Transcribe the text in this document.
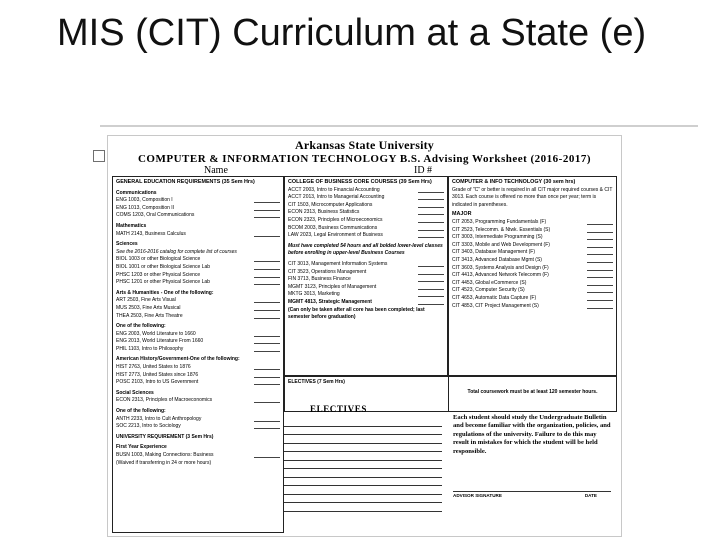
MIS (CIT) Curriculum at a State (e)
Arkansas State University
COMPUTER & INFORMATION TECHNOLOGY B.S. Advising Worksheet (2016-2017)
Name	ID #
GENERAL EDUCATION REQUIREMENTS (35 Sem Hrs)
Communications
ENG 1003, Composition I
ENG 1013, Composition II
COMS 1203, Oral Communications
Mathematics
MATH 2143, Business Calculus
Sciences
See the 2016-2016 catalog for complete list of courses
BIOL 1003 or other Biological Science
BIOL 1001 or other Biological Science Lab
PHSC 1203 or other Physical Science
PHSC 1201 or other Physical Science Lab
Arts & Humanities - One of the following:
ART 2503, Fine Arts Visual
MUS 2503, Fine Arts Musical
THEA 2503, Fine Arts Theatre
One of the following:
ENG 2003, World Literature to 1660
ENG 2013, World Literature From 1660
PHIL 1103, Intro to Philosophy
American History/Government-One of the following:
HIST 2763, United States to 1876
HIST 2773, United States since 1876
POSC 2103, Intro to US Government
Social Sciences
ECON 2313, Principles of Macroeconomics
One of the following:
ANTH 2233, Intro to Cult Anthropology
SOC 2213, Intro to Sociology
UNIVERSITY REQUIREMENT (3 Sem Hrs)
First Year Experience
BUSN 1003, Making Connections: Business
(Waived if transferring in 24 or more hours)
COLLEGE OF BUSINESS CORE COURSES (39 Sem Hrs)
ACCT 2003, Intro to Financial Accounting
ACCT 2013, Intro to Managerial Accounting
CIT 1503, Microcomputer Applications
ECON 2313, Business Statistics
ECON 2323, Principles of Microeconomics
BCOM 2003, Business Communications
LAW 2023, Legal Environment of Business
Must have completed 54 hours and all bolded lower-level classes before enrolling in upper-level Business Courses
CIT 3013, Management Information Systems
CIT 3523, Operations Management
FIN 3713, Business Finance
MGMT 3123, Principles of Management
MKTG 3013, Marketing
MGMT 4813, Strategic Management
(Can only be taken after all core has been completed; last semester before graduation)
COMPUTER & INFO TECHNOLOGY (30 sem hrs)
Grade of "C" or better is required in all CIT major required courses & CIT 3013. Each course is offered no more than once per year; term is indicated in parentheses.
MAJOR
CIT 2053, Programming Fundamentals (F)
CIT 2523, Telecomm. & Ntwk. Essentials (S)
CIT 3003, Intermediate Programming (S)
CIT 3303, Mobile and Web Development (F)
CIT 3403, Database Management (F)
CIT 3413, Advanced Database Mgmt (S)
CIT 3603, Systems Analysis and Design (F)
CIT 4413, Advanced Network Telecomm (F)
CIT 4453, Global eCommerce (S)
CIT 4523, Computer Security (S)
CIT 4653, Automatic Data Capture (F)
CIT 4853, CIT Project Management (S)
ELECTIVES (7 Sem Hrs)
Total coursework must be at least 120 semester hours.
ELECTIVES
Each student should study the Undergraduate Bulletin and become familiar with the organization, policies, and regulations of the university. Failure to do this may result in mistakes for which the student will be held responsible.
ADVISOR SIGNATURE	DATE
